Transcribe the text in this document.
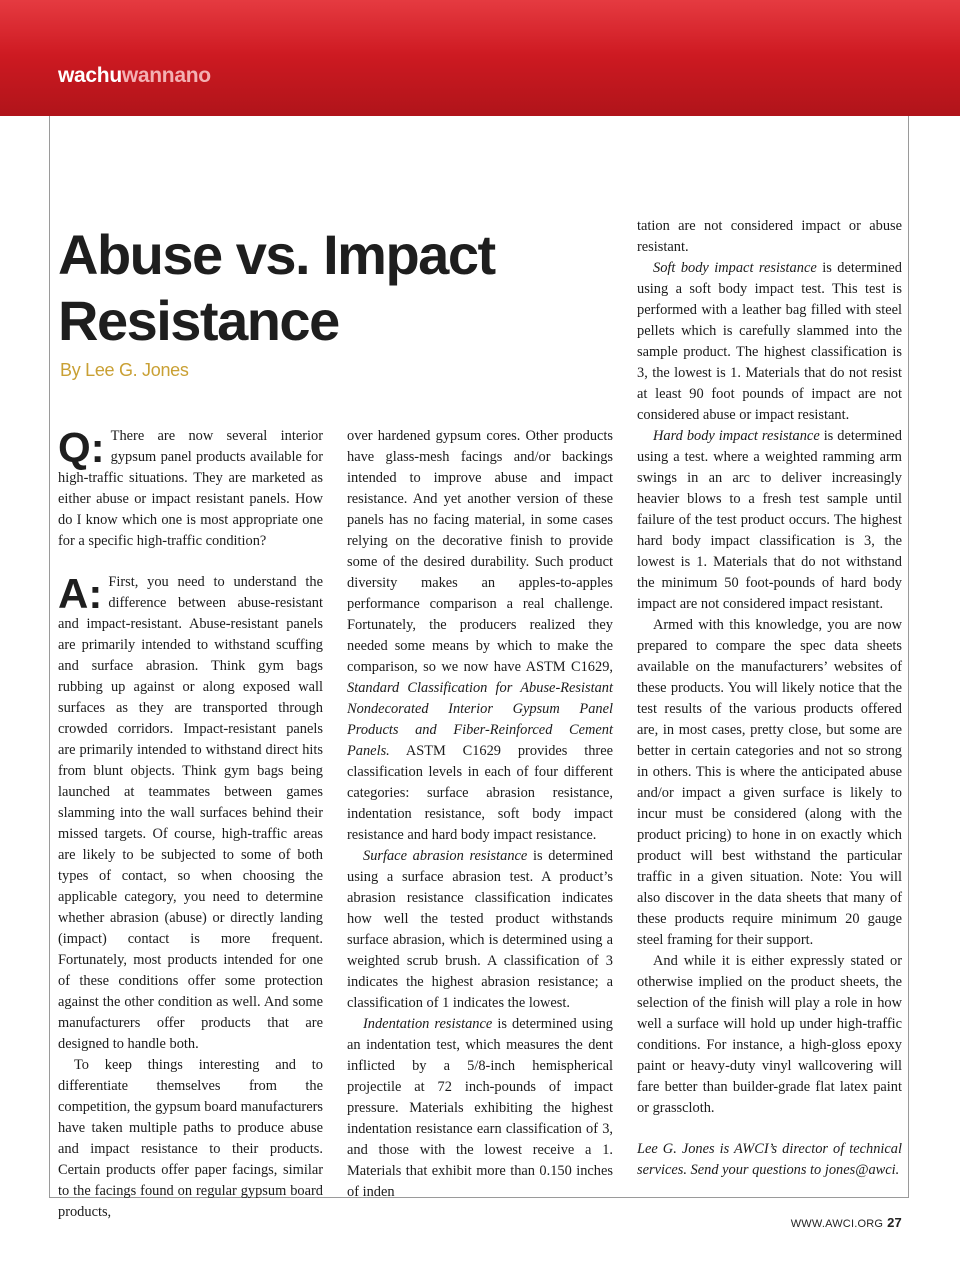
wachuwannano
Abuse vs. Impact
Resistance
By Lee G. Jones

Q: There are now several interior gypsum panel products available for high-traffic situations. They are marketed as either abuse or impact resistant panels. How do I know which one is most appropriate one for a specific high-traffic condition?

A: First, you need to understand the difference between abuse-resistant and impact-resistant. Abuse-resistant panels are primarily intended to withstand scuffing and surface abrasion. Think gym bags rubbing up against or along exposed wall surfaces as they are transported through crowded corridors. Impact-resistant panels are primarily intended to withstand direct hits from blunt objects. Think gym bags being launched at teammates between games slamming into the wall surfaces behind their missed targets. Of course, high-traffic areas are likely to be subjected to some of both types of contact, so when choosing the applicable category, you need to determine whether abrasion (abuse) or directly landing (impact) contact is more frequent. Fortunately, most products intended for one of these conditions offer some protection against the other condition as well. And some manufacturers offer products that are designed to handle both.

To keep things interesting and to differentiate themselves from the competition, the gypsum board manufacturers have taken multiple paths to produce abuse and impact resistance to their products. Certain products offer paper facings, similar to the facings found on regular gypsum board products,

over hardened gypsum cores. Other products have glass-mesh facings and/or backings intended to improve abuse and impact resistance. And yet another version of these panels has no facing material, in some cases relying on the decorative finish to provide some of the desired durability. Such product diversity makes an apples-to-apples performance comparison a real challenge. Fortunately, the producers realized they needed some means by which to make the comparison, so we now have ASTM C1629, Standard Classification for Abuse-Resistant Nondecorated Interior Gypsum Panel Products and Fiber-Reinforced Cement Panels. ASTM C1629 provides three classification levels in each of four different categories: surface abrasion resistance, indentation resistance, soft body impact resistance and hard body impact resistance.

Surface abrasion resistance is determined using a surface abrasion test. A product’s abrasion resistance classification indicates how well the tested product withstands surface abrasion, which is determined using a weighted scrub brush. A classification of 3 indicates the highest abrasion resistance; a classification of 1 indicates the lowest.

Indentation resistance is determined using an indentation test, which measures the dent inflicted by a 5/8-inch hemispherical projectile at 72 inch-pounds of impact pressure. Materials exhibiting the highest indentation resistance earn classification of 3, and those with the lowest receive a 1. Materials that exhibit more than 0.150 inches of inden

tation are not considered impact or abuse resistant.

Soft body impact resistance is determined using a soft body impact test. This test is performed with a leather bag filled with steel pellets which is carefully slammed into the sample product. The highest classification is 3, the lowest is 1. Materials that do not resist at least 90 foot pounds of impact are not considered abuse or impact resistant.

Hard body impact resistance is determined using a test. where a weighted ramming arm swings in an arc to deliver increasingly heavier blows to a fresh test sample until failure of the test product occurs. The highest hard body impact classification is 3, the lowest is 1. Materials that do not withstand the minimum 50 foot-pounds of hard body impact are not considered impact resistant.

Armed with this knowledge, you are now prepared to compare the spec data sheets available on the manufacturers’ websites of these products. You will likely notice that the test results of the various products offered are, in most cases, pretty close, but some are better in certain categories and not so strong in others. This is where the anticipated abuse and/or impact a given surface is likely to incur must be considered (along with the product pricing) to hone in on exactly which product will best withstand the particular traffic in a given situation. Note: You will also discover in the data sheets that many of these products require minimum 20 gauge steel framing for their support.

And while it is either expressly stated or otherwise implied on the product sheets, the selection of the finish will play a role in how well a surface will hold up under high-traffic conditions. For instance, a high-gloss epoxy paint or heavy-duty vinyl wallcovering will fare better than builder-grade flat latex paint or grasscloth.

Lee G. Jones is AWCI’s director of technical services. Send your questions to jones@awci.

WWW.AWCI.ORG 27
